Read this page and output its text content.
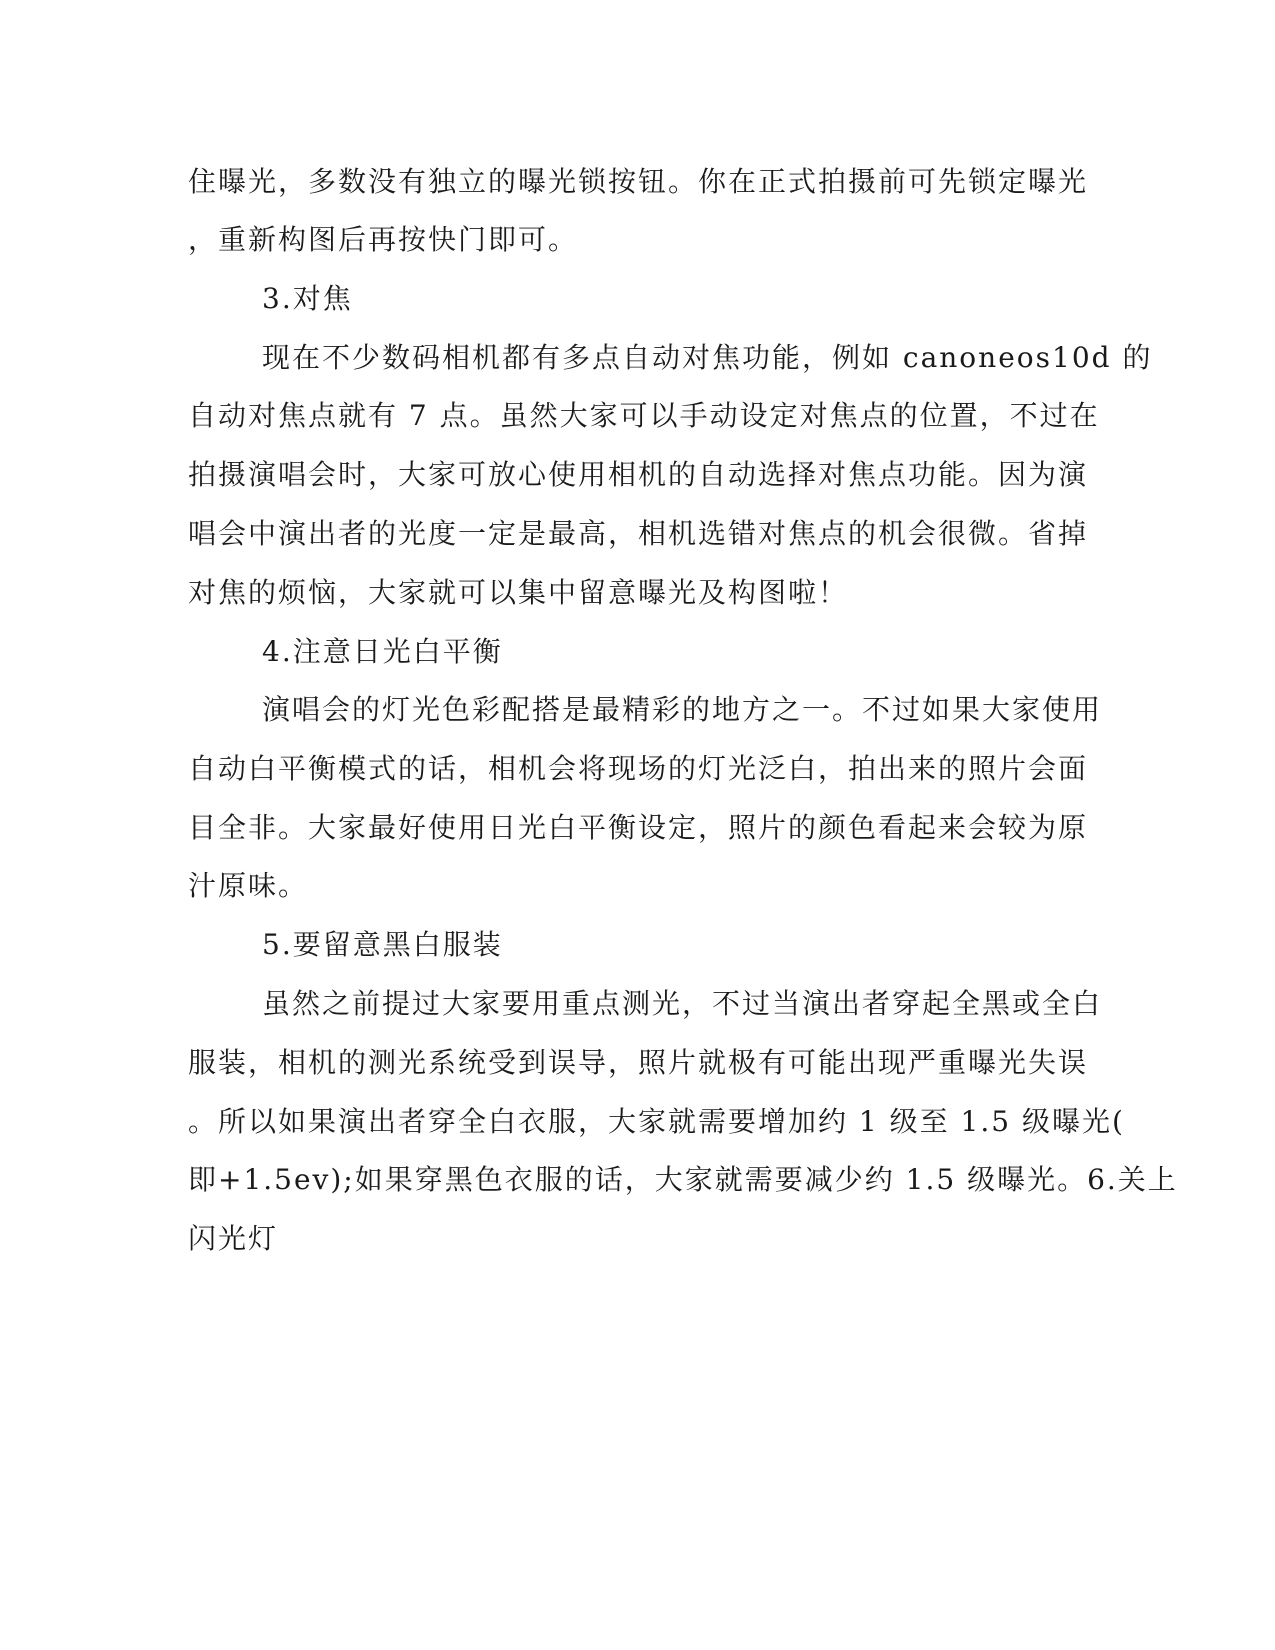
住曝光，多数没有独立的曝光锁按钮。你在正式拍摄前可先锁定曝光
，重新构图后再按快门即可。
3.对焦
现在不少数码相机都有多点自动对焦功能，例如 canoneos10d 的
自动对焦点就有 7 点。虽然大家可以手动设定对焦点的位置，不过在
拍摄演唱会时，大家可放心使用相机的自动选择对焦点功能。因为演
唱会中演出者的光度一定是最高，相机选错对焦点的机会很微。省掉
对焦的烦恼，大家就可以集中留意曝光及构图啦！
4.注意日光白平衡
演唱会的灯光色彩配搭是最精彩的地方之一。不过如果大家使用
自动白平衡模式的话，相机会将现场的灯光泛白，拍出来的照片会面
目全非。大家最好使用日光白平衡设定，照片的颜色看起来会较为原
汁原味。
5.要留意黑白服装
虽然之前提过大家要用重点测光，不过当演出者穿起全黑或全白
服装，相机的测光系统受到误导，照片就极有可能出现严重曝光失误
。所以如果演出者穿全白衣服，大家就需要增加约 1 级至 1.5 级曝光(
即+1.5ev);如果穿黑色衣服的话，大家就需要减少约 1.5 级曝光。6.关上
闪光灯
